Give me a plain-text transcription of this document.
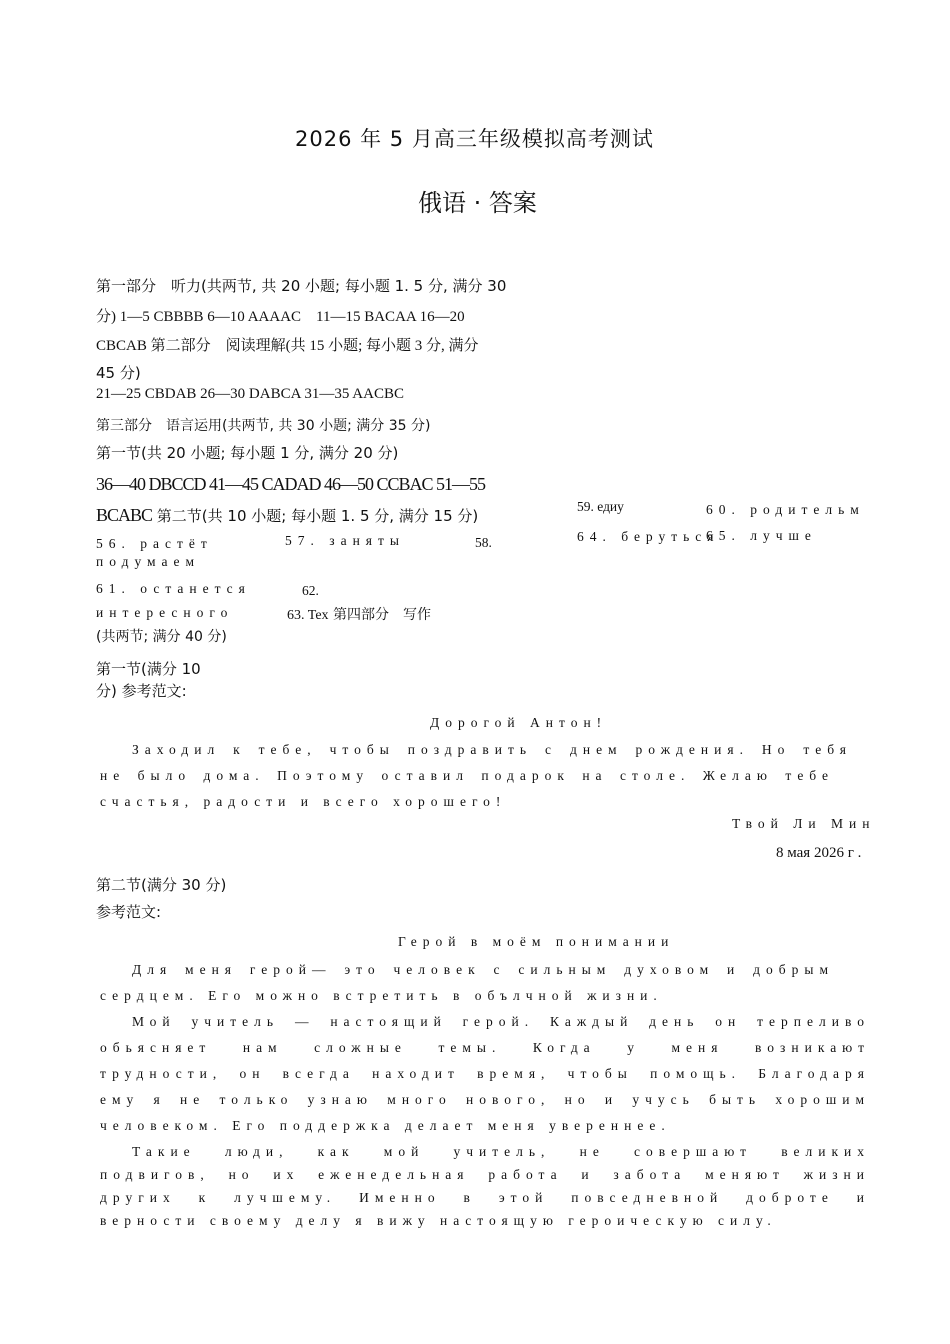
2026 年 5 月高三年级模拟高考测试
俄语 · 答案
第一部分　听力(共两节, 共 20 小题; 每小题 1. 5 分, 满分 30
分) 1—5 CBBBB 6—10 AAAAC　11—15 BACAA 16—20
CBCAB 第二部分　阅读理解(共 15 小题; 每小题 3 分, 满分
45 分)
21—25 CBDAB 26—30 DABCA 31—35 AACBC
第三部分　语言运用(共两节, 共 30 小题; 满分 35 分)
第一节(共 20 小题; 每小题 1 分, 满分 20 分)
36—40 DBCCD 41—45 CADAD 46—50 CCBAC 51—55
BCABC 第二节(共 10 小题; 每小题 1. 5 分, 满分 15 分)
59. едиу	60. родительм
56. растёт	57. заняты	58.	64. беруться
65. лучше
подумаем
61. останется	62.
интересного	63. Tex 第四部分　写作
(共两节; 满分 40 分)
第一节(满分 10
分) 参考范文:
Дорогой Антон!
Заходил к тебе, чтобы поздравить с днем рождения. Но тебя
не было дома. Поэтому оставил подарок на столе. Желаю тебе
счастья, радости и всего хорошего!
Твой Ли Мин
8 мая 2026 г .
第二节(满分 30 分)
参考范文:
Герой в моём понимании
Для меня герой— это человек с сильным духовом и добрым
сердцем. Его можно встретить в обълчной жизни.
Мой учитель — настоящий герой. Каждый день он терпеливо
обьясняет нам сложные темы. Когда у меня возникают
трудности, он всегда находит время, чтобы помощь. Благодаря
ему я не только узнаю много нового, но и учусь быть хорошим
человеком. Его поддержка делает меня увереннее.
Такие люди, как мой учитель, не совершают великих
подвигов, но их еженедельная работа и забота меняют жизни
других к лучшему. Именно в этой повседневной доброте и
верности своему делу я вижу настоящую героическую силу.
